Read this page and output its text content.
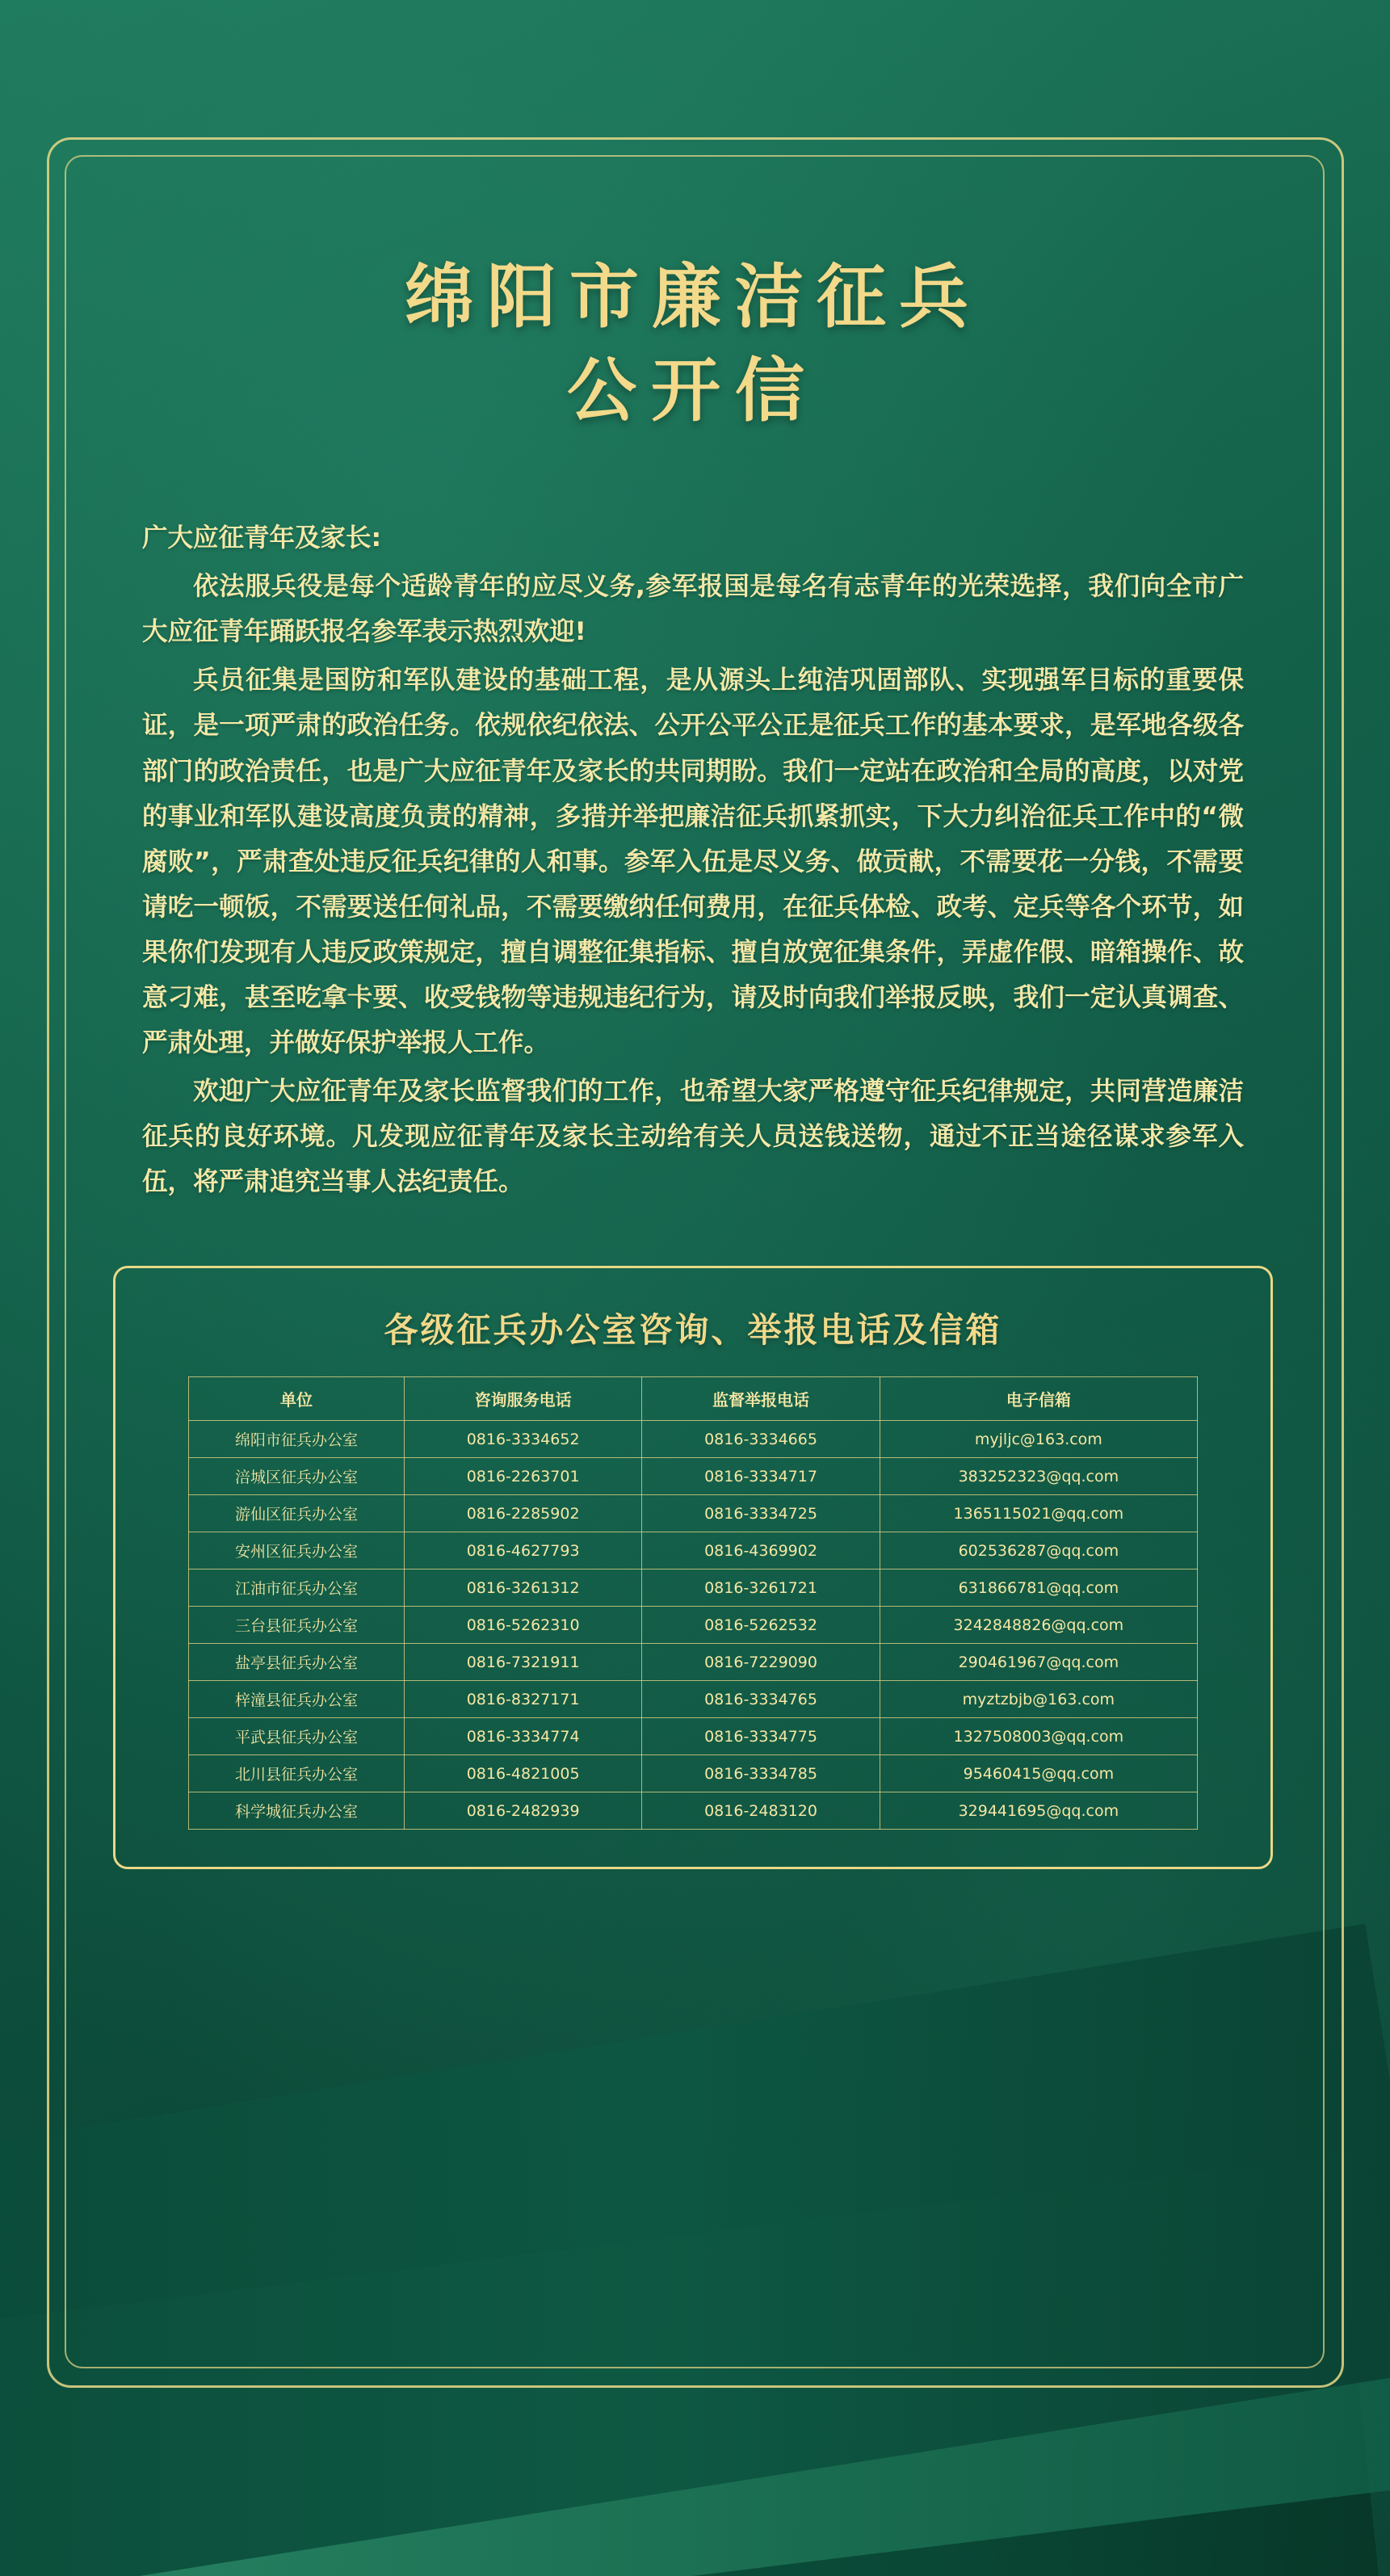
绵阳市廉洁征兵
公开信

广大应征青年及家长:

依法服兵役是每个适龄青年的应尽义务,参军报国是每名有志青年的光荣选择，我们向全市广大应征青年踊跃报名参军表示热烈欢迎!

兵员征集是国防和军队建设的基础工程，是从源头上纯洁巩固部队、实现强军目标的重要保证，是一项严肃的政治任务。依规依纪依法、公开公平公正是征兵工作的基本要求，是军地各级各部门的政治责任，也是广大应征青年及家长的共同期盼。我们一定站在政治和全局的高度，以对党的事业和军队建设高度负责的精神，多措并举把廉洁征兵抓紧抓实，下大力纠治征兵工作中的“微腐败”，严肃查处违反征兵纪律的人和事。参军入伍是尽义务、做贡献，不需要花一分钱，不需要请吃一顿饭，不需要送任何礼品，不需要缴纳任何费用，在征兵体检、政考、定兵等各个环节，如果你们发现有人违反政策规定，擅自调整征集指标、擅自放宽征集条件，弄虚作假、暗箱操作、故意刁难，甚至吃拿卡要、收受钱物等违规违纪行为，请及时向我们举报反映，我们一定认真调查、严肃处理，并做好保护举报人工作。

欢迎广大应征青年及家长监督我们的工作，也希望大家严格遵守征兵纪律规定，共同营造廉洁征兵的良好环境。凡发现应征青年及家长主动给有关人员送钱送物，通过不正当途径谋求参军入伍，将严肃追究当事人法纪责任。

各级征兵办公室咨询、举报电话及信箱
单位	咨询服务电话	监督举报电话	电子信箱
绵阳市征兵办公室	0816-3334652	0816-3334665	myjljc@163.com
涪城区征兵办公室	0816-2263701	0816-3334717	383252323@qq.com
游仙区征兵办公室	0816-2285902	0816-3334725	1365115021@qq.com
安州区征兵办公室	0816-4627793	0816-4369902	602536287@qq.com
江油市征兵办公室	0816-3261312	0816-3261721	631866781@qq.com
三台县征兵办公室	0816-5262310	0816-5262532	3242848826@qq.com
盐亭县征兵办公室	0816-7321911	0816-7229090	290461967@qq.com
梓潼县征兵办公室	0816-8327171	0816-3334765	myztzbjb@163.com
平武县征兵办公室	0816-3334774	0816-3334775	1327508003@qq.com
北川县征兵办公室	0816-4821005	0816-3334785	95460415@qq.com
科学城征兵办公室	0816-2482939	0816-2483120	329441695@qq.com
